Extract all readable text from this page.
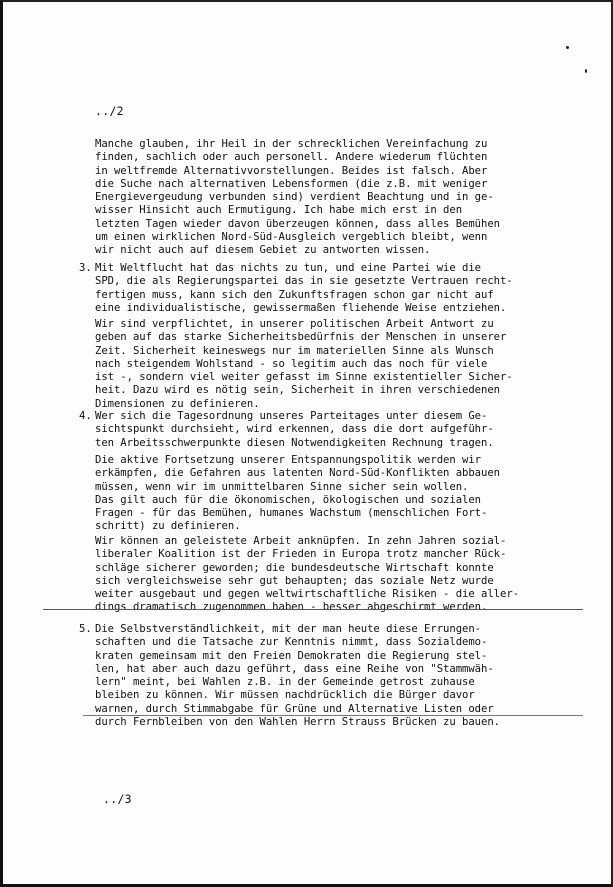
../2
Manche glauben, ihr Heil in der schrecklichen Vereinfachung zu
finden, sachlich oder auch personell. Andere wiederum flüchten
in weltfremde Alternativvorstellungen. Beides ist falsch. Aber
die Suche nach alternativen Lebensformen (die z.B. mit weniger
Energievergeudung verbunden sind) verdient Beachtung und in ge-
wisser Hinsicht auch Ermutigung. Ich habe mich erst in den
letzten Tagen wieder davon überzeugen können, dass alles Bemühen
um einen wirklichen Nord-Süd-Ausgleich vergeblich bleibt, wenn
wir nicht auch auf diesem Gebiet zu antworten wissen.
3. Mit Weltflucht hat das nichts zu tun, und eine Partei wie die
SPD, die als Regierungspartei das in sie gesetzte Vertrauen recht-
fertigen muss, kann sich den Zukunftsfragen schon gar nicht auf
eine individualistische, gewissermaßen fliehende Weise entziehen.
Wir sind verpflichtet, in unserer politischen Arbeit Antwort zu
geben auf das starke Sicherheitsbedürfnis der Menschen in unserer
Zeit. Sicherheit keineswegs nur im materiellen Sinne als Wunsch
nach steigendem Wohlstand - so legitim auch das noch für viele
ist -, sondern viel weiter gefasst im Sinne existentieller Sicher-
heit. Dazu wird es nötig sein, Sicherheit in ihren verschiedenen
Dimensionen zu definieren.
4. Wer sich die Tagesordnung unseres Parteitages unter diesem Ge-
sichtspunkt durchsieht, wird erkennen, dass die dort aufgeführ-
ten Arbeitsschwerpunkte diesen Notwendigkeiten Rechnung tragen.
Die aktive Fortsetzung unserer Entspannungspolitik werden wir
erkämpfen, die Gefahren aus latenten Nord-Süd-Konflikten abbauen
müssen, wenn wir im unmittelbaren Sinne sicher sein wollen.
Das gilt auch für die ökonomischen, ökologischen und sozialen
Fragen - für das Bemühen, humanes Wachstum (menschlichen Fort-
schritt) zu definieren.
Wir können an geleistete Arbeit anknüpfen. In zehn Jahren sozial-
liberaler Koalition ist der Frieden in Europa trotz mancher Rück-
schläge sicherer geworden; die bundesdeutsche Wirtschaft konnte
sich vergleichsweise sehr gut behaupten; das soziale Netz wurde
weiter ausgebaut und gegen weltwirtschaftliche Risiken - die aller-
dings dramatisch zugenommen haben - besser abgeschirmt werden.
5. Die Selbstverständlichkeit, mit der man heute diese Errungen-
schaften und die Tatsache zur Kenntnis nimmt, dass Sozialdemo-
kraten gemeinsam mit den Freien Demokraten die Regierung stel-
len, hat aber auch dazu geführt, dass eine Reihe von "Stammwäh-
lern" meint, bei Wahlen z.B. in der Gemeinde getrost zuhause
bleiben zu können. Wir müssen nachdrücklich die Bürger davor
warnen, durch Stimmabgabe für Grüne und Alternative Listen oder
durch Fernbleiben von den Wahlen Herrn Strauss Brücken zu bauen.
../3
